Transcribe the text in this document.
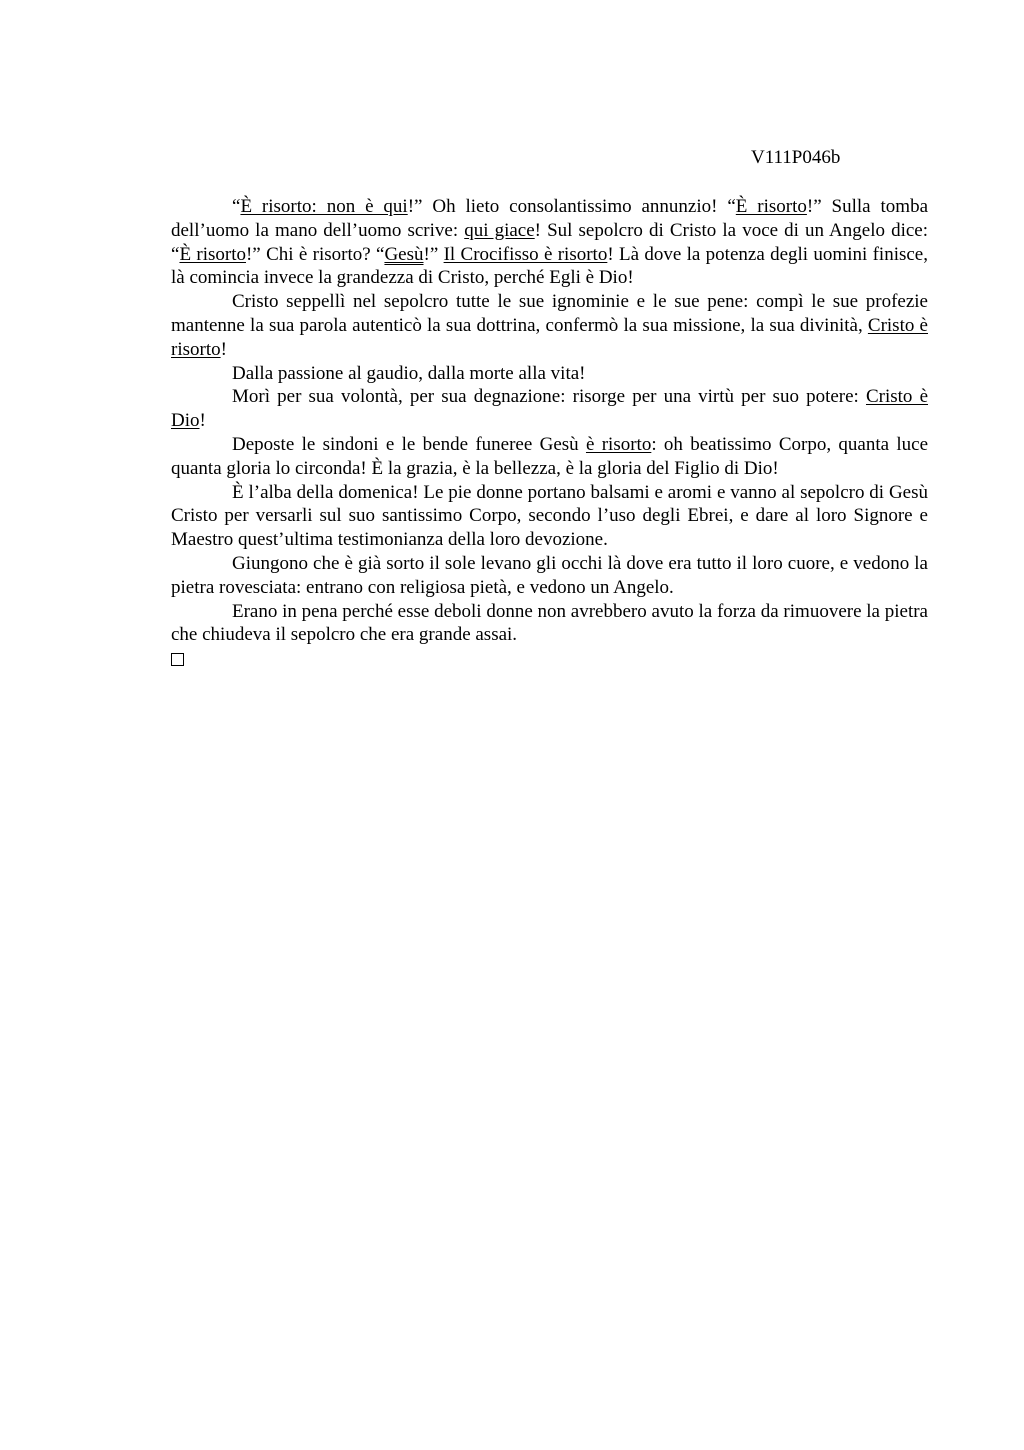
V111P046b

“È risorto: non è qui!” Oh lieto consolantissimo annunzio! “È risorto!” Sulla tomba dell’uomo la mano dell’uomo scrive: qui giace! Sul sepolcro di Cristo la voce di un Angelo dice: “È risorto!” Chi è risorto? “Gesù!” Il Crocifisso è risorto! Là dove la potenza degli uomini finisce, là comincia invece la grandezza di Cristo, perché Egli è Dio!

Cristo seppellì nel sepolcro tutte le sue ignominie e le sue pene: compì le sue profezie mantenne la sua parola autenticò la sua dottrina, confermò la sua missione, la sua divinità, Cristo è risorto!

Dalla passione al gaudio, dalla morte alla vita!

Morì per sua volontà, per sua degnazione: risorge per una virtù per suo potere: Cristo è Dio!

Deposte le sindoni e le bende funeree Gesù è risorto: oh beatissimo Corpo, quanta luce quanta gloria lo circonda! È la grazia, è la bellezza, è la gloria del Figlio di Dio!

È l’alba della domenica! Le pie donne portano balsami e aromi e vanno al sepolcro di Gesù Cristo per versarli sul suo santissimo Corpo, secondo l’uso degli Ebrei, e dare al loro Signore e Maestro quest’ultima testimonianza della loro devozione.

Giungono che è già sorto il sole levano gli occhi là dove era tutto il loro cuore, e vedono la pietra rovesciata: entrano con religiosa pietà, e vedono un Angelo.

Erano in pena perché esse deboli donne non avrebbero avuto la forza da rimuovere la pietra che chiudeva il sepolcro che era grande assai.
